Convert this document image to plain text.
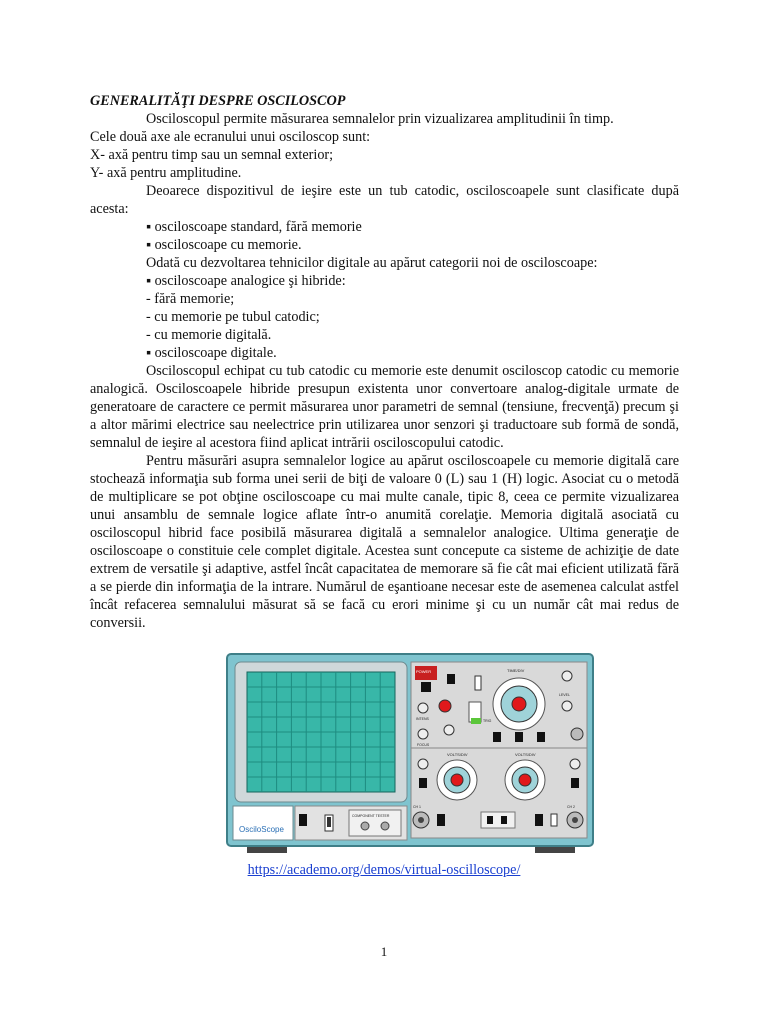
GENERALITĂŢI DESPRE OSCILOSCOP

Osciloscopul permite măsurarea semnalelor prin vizualizarea amplitudinii în timp.

Cele două axe ale ecranului unui osciloscop sunt:

X- axă pentru timp sau un semnal exterior;

Y- axă pentru amplitudine.

Deoarece dispozitivul de ieşire este un tub catodic, osciloscoapele sunt clasificate după acesta:

▪ osciloscoape standard, fără memorie

▪ osciloscoape cu memorie.

Odată cu dezvoltarea tehnicilor digitale au apărut categorii noi de osciloscoape:

▪ osciloscoape analogice şi hibride:

- fără memorie;

- cu memorie pe tubul catodic;

- cu memorie digitală.

▪ osciloscoape digitale.

Osciloscopul echipat cu tub catodic cu memorie este denumit osciloscop catodic cu memorie analogică. Osciloscoapele hibride presupun existenta unor convertoare analog-digitale urmate de generatoare de caractere ce permit măsurarea unor parametri de semnal (tensiune, frecvenţă) precum şi a altor mărimi electrice sau neelectrice prin utilizarea unor senzori şi traductoare sub formă de sondă, semnalul de ieşire al acestora fiind aplicat intrării osciloscopului catodic.

Pentru măsurări asupra semnalelor logice au apărut osciloscoapele cu memorie digitală care stochează informaţia sub forma unei serii de biţi de valoare 0 (L) sau 1 (H) logic. Asociat cu o metodă de multiplicare se pot obţine osciloscoape cu mai multe canale, tipic 8, ceea ce permite vizualizarea unui ansamblu de semnale logice aflate într-o anumită corelaţie. Memoria digitală asociată cu osciloscopul hibrid face posibilă măsurarea digitală a semnalelor analogice. Ultima generaţie de osciloscoape o constituie cele complet digitale. Acestea sunt concepute ca sisteme de achiziţie de date extrem de versatile şi adaptive, astfel încât capacitatea de memorare să fie cât mai eficient utilizată fără a se pierde din informaţia de la intrare. Numărul de eşantioane necesar este de asemenea calculat astfel încât refacerea semnalului măsurat să se facă cu erori minime şi cu un număr cât mai redus de conversii.

OsciloScope
COMPONENT TESTER
POWER
INTENS
FOCUS
TRIG
TIME/DIV
LEVEL
VOLTS/DIV	VOLTS/DIV
CH 1	CH 2
https://academo.org/demos/virtual-oscilloscope/
1
